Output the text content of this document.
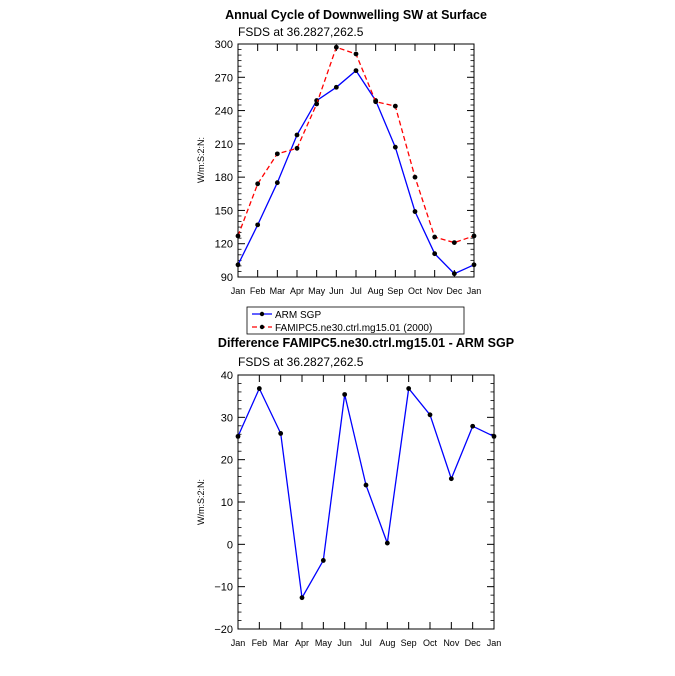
Annual Cycle of Downwelling SW at Surface
FSDS at 36.2827,262.5
W/m:S:2:N:
90
120
150
180
210
240
270
300
Jan Feb Mar Apr May Jun Jul Aug Sep Oct Nov Dec Jan
ARM SGP
FAMIPC5.ne30.ctrl.mg15.01 (2000)
Difference FAMIPC5.ne30.ctrl.mg15.01 - ARM SGP
FSDS at 36.2827,262.5
W/m:S:2:N:
−20
−10
0
10
20
30
40
Jan Feb Mar Apr May Jun Jul Aug Sep Oct Nov Dec Jan
